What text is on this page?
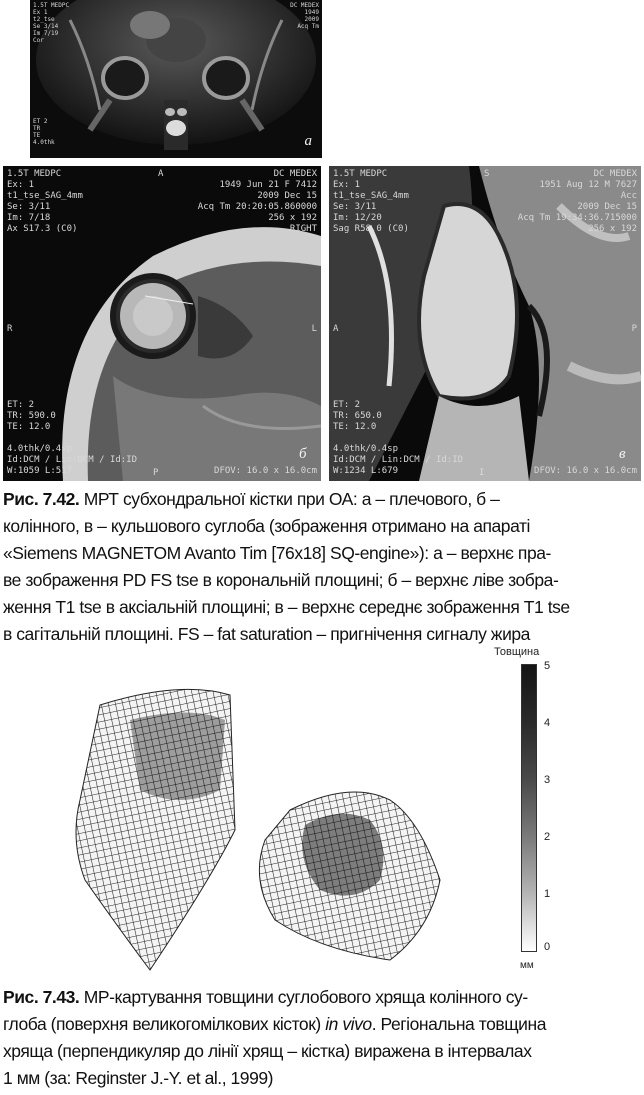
1.5T MEDPC
Ex 1
t2_tse
Se 3/14
Im 7/19
Cor
DC MEDEX
1949
2009
Acq Tm
ET 2
TR
TE
4.0thk	а
1.5T MEDPC
Ex: 1
t1_tse_SAG_4mm
Se: 3/11
Im: 7/18
Ax S17.3 (C0)
DC MEDEX
1949 Jun 21 F 7412
2009 Dec 15
Acq Tm 20:20:05.860000
256 x 192
RIGHT
A
R	L
ET: 2
TR: 590.0
TE: 12.0

4.0thk/0.4sp
Id:DCM / Lin:DCM / Id:ID
W:1059 L:517	DFOV: 16.0 x 16.0cm
P
б
1.5T MEDPC
Ex: 1
t1_tse_SAG_4mm
Se: 3/11
Im: 12/20
Sag R58.0 (C0)
DC MEDEX
1951 Aug 12 M 7627
Acc
2009 Dec 15
Acq Tm 19:34:36.715000
256 x 192
S
A	P
ET: 2
TR: 650.0
TE: 12.0

4.0thk/0.4sp
Id:DCM / Lin:DCM / Id:ID
W:1234 L:679	DFOV: 16.0 x 16.0cm
I
в
Рис. 7.42. МРТ субхондральної кістки при ОА: а – плечового, б –
колінного, в – кульшового суглоба (зображення отримано на апараті
«Siemens MAGNETOM Avanto Tim [76x18] SQ-engine»): а – верхнє пра-
ве зображення PD FS tse в корональній площині; б – верхнє ліве зобра-
ження T1 tse в аксіальній площині; в – верхнє середнє зображення T1 tse
в сагітальній площині. FS – fat saturation – пригнічення сигналу жира
Товщина
5
4
3
2
1
0
мм
Рис. 7.43. МР-картування товщини суглобового хряща колінного су-
глоба (поверхня великогомілкових кісток) in vivo. Регіональна товщина
хряща (перпендикуляр до лінії хрящ – кістка) виражена в інтервалах
1 мм (за: Reginster J.-Y. et al., 1999)
